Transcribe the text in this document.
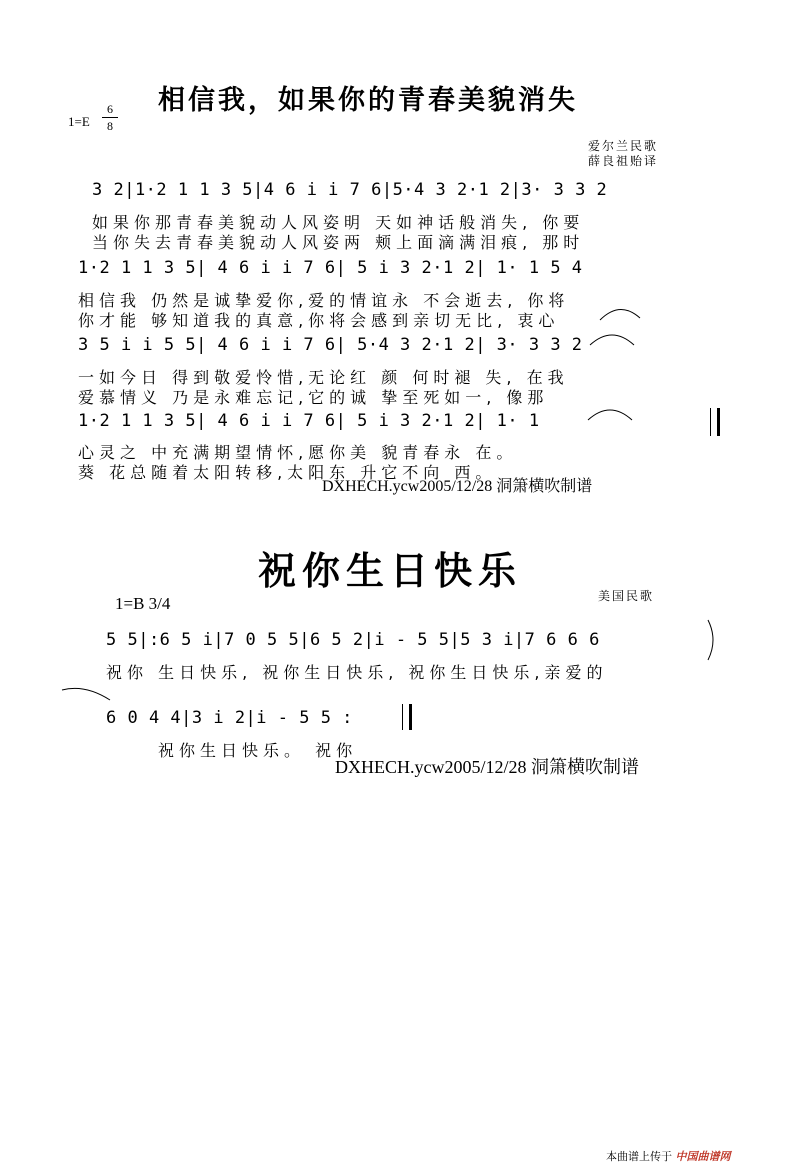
相信我，如果你的青春美貌消失
1=E
6
8
爱尔兰民歌
薛良祖贻译
3 2|1·2 1 1 3 5|4 6 i i 7 6|5·4 3 2·1 2|3· 3 3 2
如果你那青春美貌动人风姿明 天如神话般消失, 你要
当你失去青春美貌动人风姿两 颊上面滴满泪痕, 那时
1·2 1 1 3 5| 4 6 i i 7 6| 5 i 3 2·1 2| 1· 1 5 4
相信我 仍然是诚挚爱你,爱的情谊永 不会逝去, 你将
你才能 够知道我的真意,你将会感到亲切无比, 衷心
3 5 i i 5 5| 4 6 i i 7 6| 5·4 3 2·1 2| 3· 3 3 2
一如今日 得到敬爱怜惜,无论红 颜 何时褪 失, 在我
爱慕情义 乃是永难忘记,它的诚 挚至死如一, 像那
1·2 1 1 3 5| 4 6 i i 7 6| 5 i 3 2·1 2| 1· 1
心灵之 中充满期望情怀,愿你美 貌青春永 在。
葵 花总随着太阳转移,太阳东 升它不向 西。
DXHECH.ycw2005/12/28 洞箫横吹制谱
祝你生日快乐
1=B 3/4	美国民歌
5 5|:6 5 i|7 0 5 5|6 5 2|i - 5 5|5 3 i|7 6 6 6
祝你 生日快乐, 祝你生日快乐, 祝你生日快乐,亲爱的
6 0 4 4|3 i 2|i - 5 5 :
祝你生日快乐。 祝你
DXHECH.ycw2005/12/28 洞箫横吹制谱
本曲谱上传于 中国曲谱网
